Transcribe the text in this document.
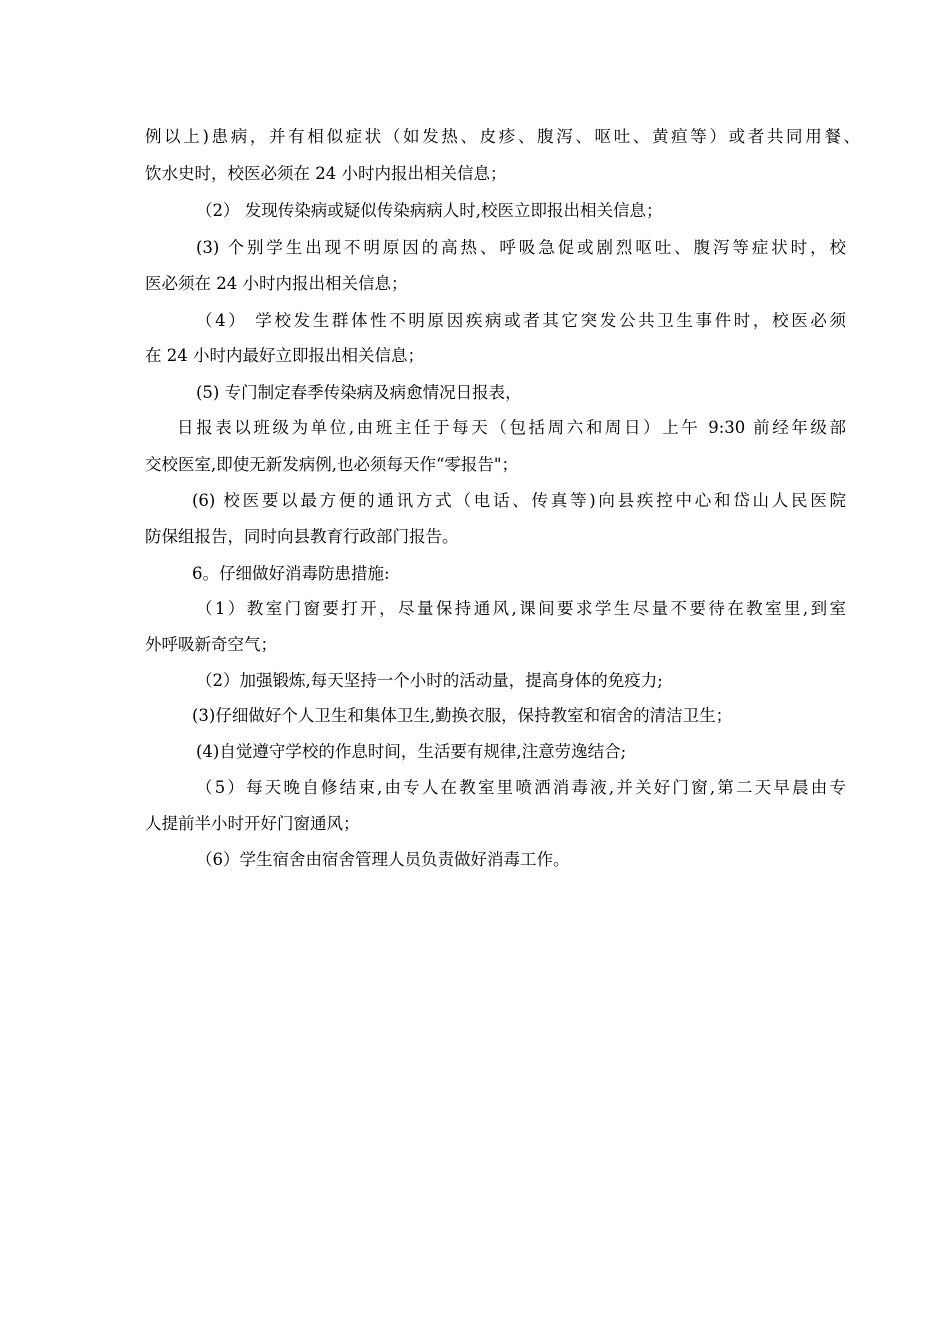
例以上)患病，并有相似症状（如发热、皮疹、腹泻、呕吐、黄疸等）或者共同用餐、
饮水史时，校医必须在 24 小时内报出相关信息；
（2） 发现传染病或疑似传染病病人时,校医立即报出相关信息；
(3) 个别学生出现不明原因的高热、呼吸急促或剧烈呕吐、腹泻等症状时，校
医必须在 24 小时内报出相关信息；
（4） 学校发生群体性不明原因疾病或者其它突发公共卫生事件时，校医必须
在 24 小时内最好立即报出相关信息；
(5) 专门制定春季传染病及病愈情况日报表，
日报表以班级为单位,由班主任于每天（包括周六和周日）上午 9:30 前经年级部
交校医室,即使无新发病例,也必须每天作“零报告"；
(6) 校医要以最方便的通讯方式（电话、传真等)向县疾控中心和岱山人民医院
防保组报告，同时向县教育行政部门报告。
6。仔细做好消毒防患措施:
（1）教室门窗要打开，尽量保持通风,课间要求学生尽量不要待在教室里,到室
外呼吸新奇空气；
（2）加强锻炼,每天坚持一个小时的活动量，提高身体的免疫力;
(3)仔细做好个人卫生和集体卫生,勤换衣服，保持教室和宿舍的清洁卫生；
(4)自觉遵守学校的作息时间，生活要有规律,注意劳逸结合;
（5）每天晚自修结束,由专人在教室里喷洒消毒液,并关好门窗,第二天早晨由专
人提前半小时开好门窗通风；
（6）学生宿舍由宿舍管理人员负责做好消毒工作。
